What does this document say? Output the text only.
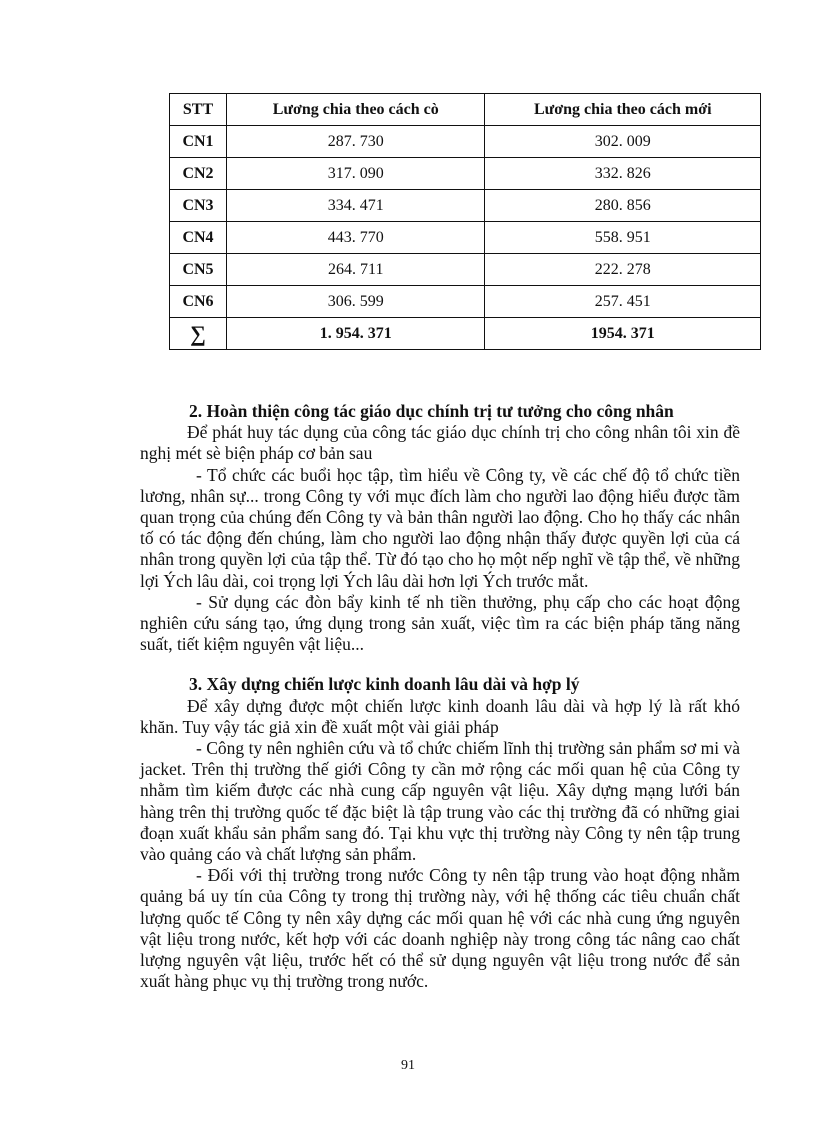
STT	Lương chia theo cách cò	Lương chia theo cách mới
CN1	287. 730	302. 009
CN2	317. 090	332. 826
CN3	334. 471	280. 856
CN4	443. 770	558. 951
CN5	264. 711	222. 278
CN6	306. 599	257. 451
∑	1. 954. 371	1954. 371

2. Hoàn thiện công tác giáo dục chính trị tư tưởng cho công nhân

Để phát huy tác dụng của công tác giáo dục chính trị cho công nhân tôi xin đề nghị mét sè biện pháp cơ bản sau

- Tổ chức các buổi học tập, tìm hiểu về Công ty, về các chế độ tổ chức tiền lương, nhân sự... trong Công ty với mục đích làm cho người lao động hiểu được tầm quan trọng của chúng đến Công ty và bản thân người lao động. Cho họ thấy các nhân tố có tác động đến chúng, làm cho người lao động nhận thấy được quyền lợi của cá nhân trong quyền lợi của tập thể. Từ đó tạo cho họ một nếp nghĩ về tập thể, về những lợi Ých lâu dài, coi trọng lợi Ých lâu dài hơn lợi Ých trước mắt.

- Sử dụng các đòn bẩy kinh tế nh tiền thưởng, phụ cấp cho các hoạt động nghiên cứu sáng tạo, ứng dụng trong sản xuất, việc tìm ra các biện pháp tăng năng suất, tiết kiệm nguyên vật liệu...

3. Xây dựng chiến lược kinh doanh lâu dài và hợp lý

Để xây dựng được một chiến lược kinh doanh lâu dài và hợp lý là rất khó khăn. Tuy vậy tác giả xin đề xuất một vài giải pháp

- Công ty nên nghiên cứu và tổ chức chiếm lĩnh thị trường sản phẩm sơ mi và jacket. Trên thị trường thế giới Công ty cần mở rộng các mối quan hệ của Công ty nhằm tìm kiếm được các nhà cung cấp nguyên vật liệu. Xây dựng mạng lưới bán hàng trên thị trường quốc tế đặc biệt là tập trung vào các thị trường đã có những giai đoạn xuất khẩu sản phẩm sang đó. Tại khu vực thị trường này Công ty nên tập trung vào quảng cáo và chất lượng sản phẩm.

- Đối với thị trường trong nước Công ty nên tập trung vào hoạt động nhằm quảng bá uy tín của Công ty trong thị trường này, với hệ thống các tiêu chuẩn chất lượng quốc tế Công ty nên xây dựng các mối quan hệ với các nhà cung ứng nguyên vật liệu trong nước, kết hợp với các doanh nghiệp này trong công tác nâng cao chất lượng nguyên vật liệu, trước hết có thể sử dụng nguyên vật liệu trong nước để sản xuất hàng phục vụ thị trường trong nước.

91
